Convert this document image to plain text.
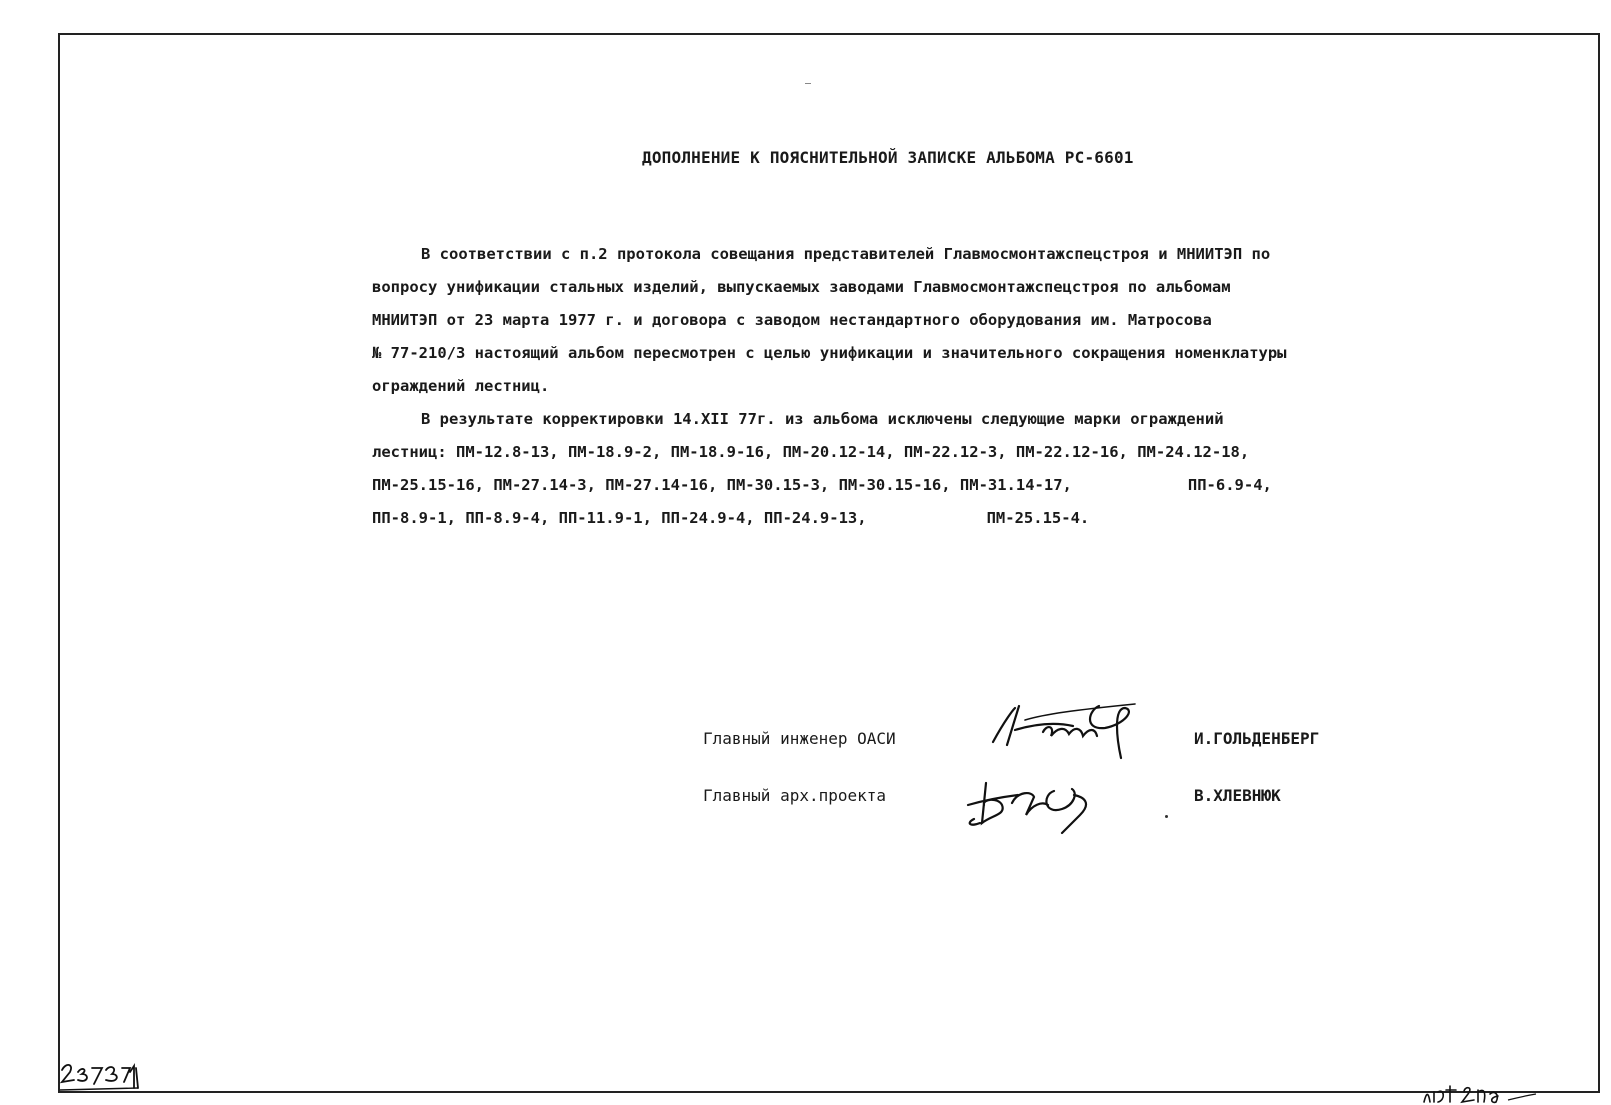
ДОПОЛНЕНИЕ К ПОЯСНИТЕЛЬНОЙ ЗАПИСКЕ АЛЬБОМА РС-6601
В соответствии с п.2 протокола совещания представителей Главмосмонтажспецстроя и МНИИТЭП по
вопросу унификации стальных изделий, выпускаемых заводами Главмосмонтажспецстроя по альбомам
МНИИТЭП от 23 марта 1977 г. и договора с заводом нестандартного оборудования им. Матросова
№ 77-210/3 настоящий альбом пересмотрен с целью унификации и значительного сокращения номенклатуры
ограждений лестниц.
В результате корректировки 14.XII 77г. из альбома исключены следующие марки ограждений
лестниц: ПМ-12.8-13, ПМ-18.9-2, ПМ-18.9-16, ПМ-20.12-14, ПМ-22.12-3, ПМ-22.12-16, ПМ-24.12-18,
ПМ-25.15-16, ПМ-27.14-3, ПМ-27.14-16, ПМ-30.15-3, ПМ-30.15-16, ПМ-31.14-17,	ПП-6.9-4,
ПП-8.9-1, ПП-8.9-4, ПП-11.9-1, ПП-24.9-4, ПП-24.9-13,	ПМ-25.15-4.
Главный инженер ОАСИ	И.ГОЛЬДЕНБЕРГ
Главный арх.проекта	В.ХЛЕВНЮК
